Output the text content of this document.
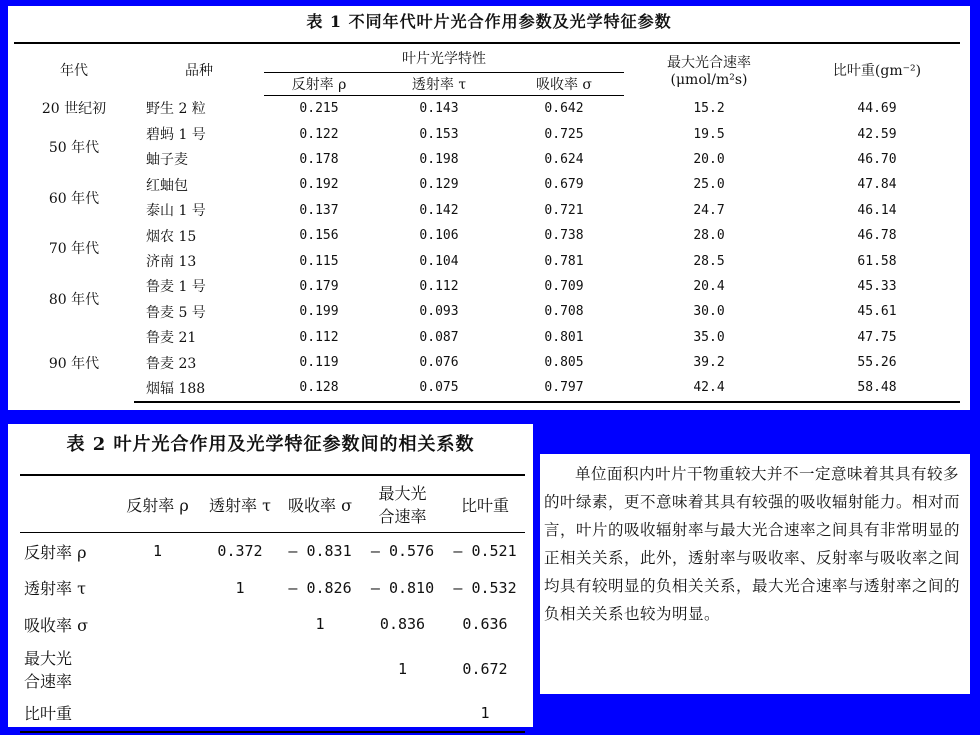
表 1 不同年代叶片光合作用参数及光学特征参数
年代	品种	叶片光学特性			最大光合速率
(μmol/m²s)	比叶重(gm⁻²)
		反射率 ρ	透射率 τ	吸收率 σ		
20 世纪初	野生 2 粒	0.215	0.143	0.642	15.2	44.69
50 年代	碧蚂 1 号	0.122	0.153	0.725	19.5	42.59
	蚰子麦	0.178	0.198	0.624	20.0	46.70
60 年代	红蚰包	0.192	0.129	0.679	25.0	47.84
	泰山 1 号	0.137	0.142	0.721	24.7	46.14
70 年代	烟农 15	0.156	0.106	0.738	28.0	46.78
	济南 13	0.115	0.104	0.781	28.5	61.58
80 年代	鲁麦 1 号	0.179	0.112	0.709	20.4	45.33
	鲁麦 5 号	0.199	0.093	0.708	30.0	45.61
90 年代	鲁麦 21	0.112	0.087	0.801	35.0	47.75
	鲁麦 23	0.119	0.076	0.805	39.2	55.26
	烟辐 188	0.128	0.075	0.797	42.4	58.48
表 2 叶片光合作用及光学特征参数间的相关系数
	反射率 ρ	透射率 τ	吸收率 σ	最大光
合速率	比叶重
反射率 ρ	1	0.372	– 0.831	– 0.576	– 0.521
透射率 τ		1	– 0.826	– 0.810	– 0.532
吸收率 σ			1	0.836	0.636

最大光
合速率				1	0.672
比叶重					1

单位面积内叶片干物重较大并不一定意味着其具有较多的叶绿素，更不意味着其具有较强的吸收辐射能力。相对而言，叶片的吸收辐射率与最大光合速率之间具有非常明显的正相关关系，此外，透射率与吸收率、反射率与吸收率之间均具有较明显的负相关关系，最大光合速率与透射率之间的负相关关系也较为明显。
